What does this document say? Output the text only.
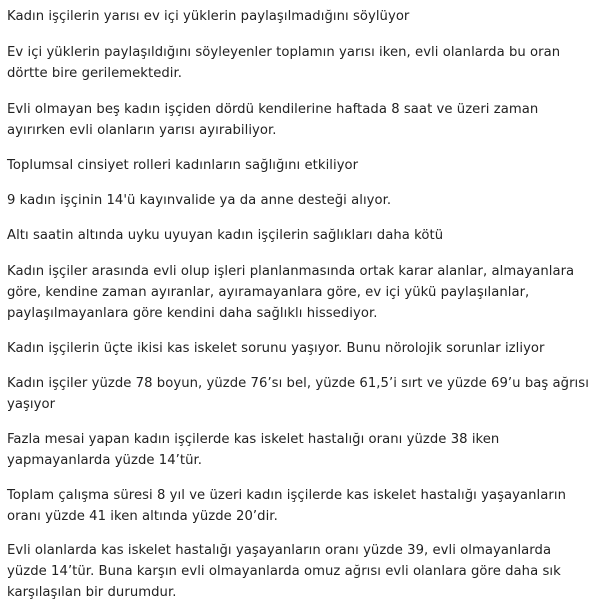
Kadın işçilerin yarısı ev içi yüklerin paylaşılmadığını söylüyor

Ev içi yüklerin paylaşıldığını söyleyenler toplamın yarısı iken, evli olanlarda bu oran dörtte bire gerilemektedir.

Evli olmayan beş kadın işçiden dördü kendilerine haftada 8 saat ve üzeri zaman ayırırken evli olanların yarısı ayırabiliyor.

Toplumsal cinsiyet rolleri kadınların sağlığını etkiliyor

9 kadın işçinin 14'ü kayınvalide ya da anne desteği alıyor.

Altı saatin altında uyku uyuyan kadın işçilerin sağlıkları daha kötü

Kadın işçiler arasında evli olup işleri planlanmasında ortak karar alanlar, almayanlara göre, kendine zaman ayıranlar, ayıramayanlara göre, ev içi yükü paylaşılanlar, paylaşılmayanlara göre kendini daha sağlıklı hissediyor.

Kadın işçilerin üçte ikisi kas iskelet sorunu yaşıyor. Bunu nörolojik sorunlar izliyor

Kadın işçiler yüzde 78 boyun, yüzde 76’sı bel, yüzde 61,5’i sırt ve yüzde 69’u baş ağrısı yaşıyor

Fazla mesai yapan kadın işçilerde kas iskelet hastalığı oranı yüzde 38 iken yapmayanlarda yüzde 14’tür.

Toplam çalışma süresi 8 yıl ve üzeri kadın işçilerde kas iskelet hastalığı yaşayanların oranı yüzde 41 iken altında yüzde 20’dir.

Evli olanlarda kas iskelet hastalığı yaşayanların oranı yüzde 39, evli olmayanlarda yüzde 14’tür. Buna karşın evli olmayanlarda omuz ağrısı evli olanlara göre daha sık karşılaşılan bir durumdur.
